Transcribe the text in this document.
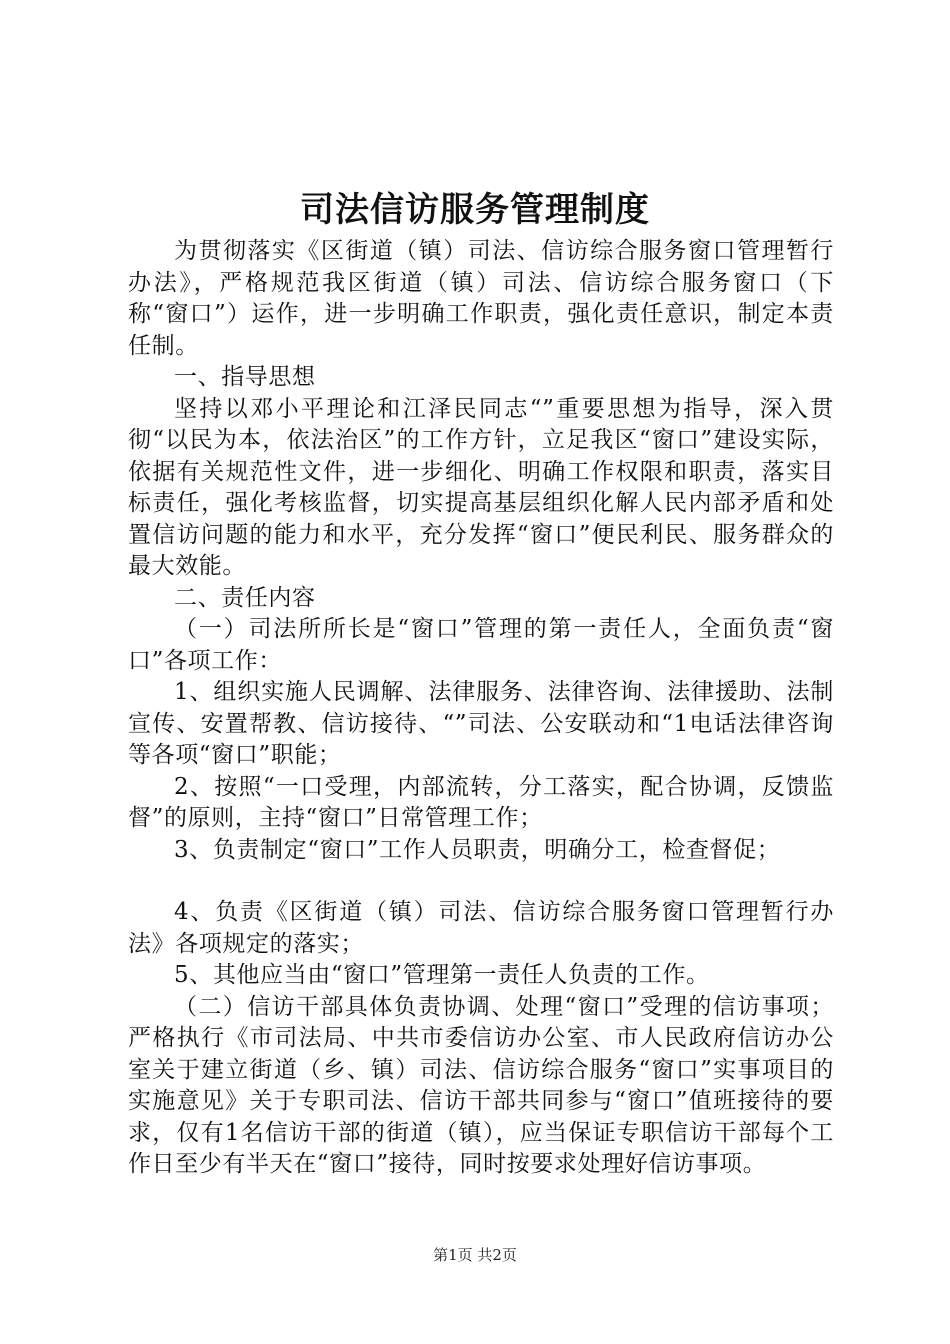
司法信访服务管理制度

为贯彻落实《区街道（镇）司法、信访综合服务窗口管理暂行办法》，严格规范我区街道（镇）司法、信访综合服务窗口（下称“窗口”）运作，进一步明确工作职责，强化责任意识，制定本责任制。

一、指导思想

坚持以邓小平理论和江泽民同志“”重要思想为指导，深入贯彻“以民为本，依法治区”的工作方针，立足我区“窗口”建设实际，依据有关规范性文件，进一步细化、明确工作权限和职责，落实目标责任，强化考核监督，切实提高基层组织化解人民内部矛盾和处置信访问题的能力和水平，充分发挥“窗口”便民利民、服务群众的最大效能。

二、责任内容

（一）司法所所长是“窗口”管理的第一责任人，全面负责“窗口”各项工作：

1、组织实施人民调解、法律服务、法律咨询、法律援助、法制宣传、安置帮教、信访接待、“”司法、公安联动和“1电话法律咨询等各项“窗口”职能；

2、按照“一口受理，内部流转，分工落实，配合协调，反馈监督”的原则，主持“窗口”日常管理工作；

3、负责制定“窗口”工作人员职责，明确分工，检查督促；

4、负责《区街道（镇）司法、信访综合服务窗口管理暂行办法》各项规定的落实；

5、其他应当由“窗口”管理第一责任人负责的工作。

（二）信访干部具体负责协调、处理“窗口”受理的信访事项；严格执行《市司法局、中共市委信访办公室、市人民政府信访办公室关于建立街道（乡、镇）司法、信访综合服务“窗口”实事项目的实施意见》关于专职司法、信访干部共同参与“窗口”值班接待的要求，仅有1名信访干部的街道（镇），应当保证专职信访干部每个工作日至少有半天在“窗口”接待，同时按要求处理好信访事项。

第1页 共2页
